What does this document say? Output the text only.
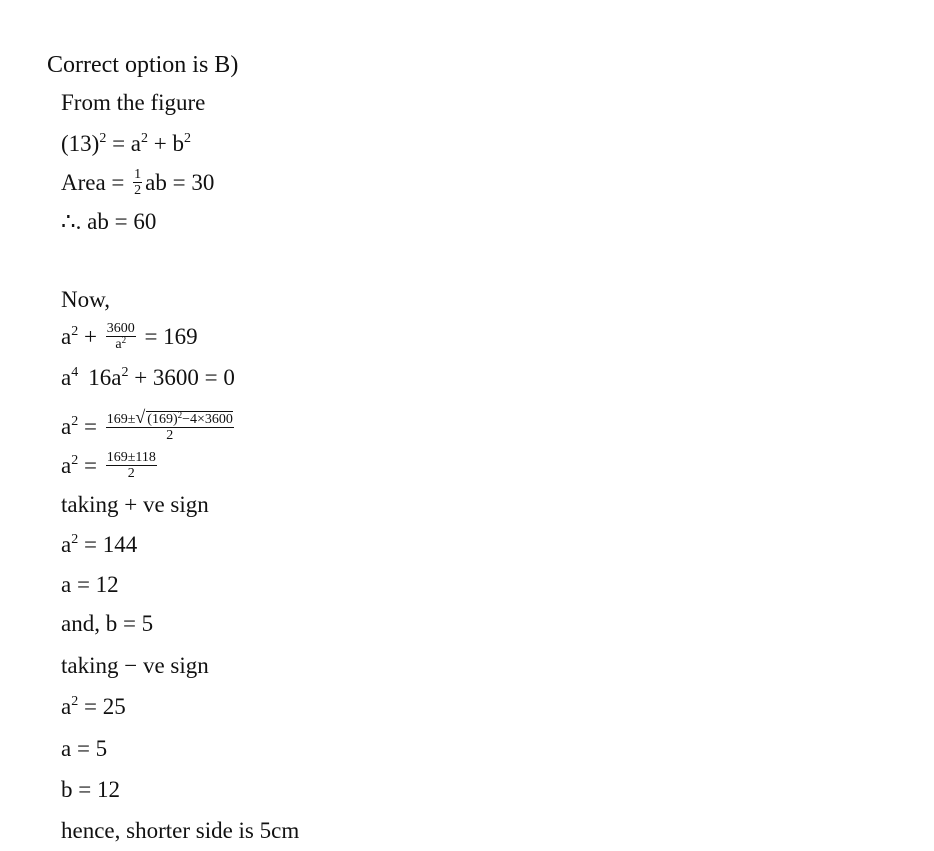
Correct option is B)
From the figure
$(13)^2 = a^2 + b^2$
Area = $\frac{1}{2}$ ab = 30
∴. ab = 60
Now,
$a^2 + \frac{3600}{a^2} = 169$
$a^4$ $16a^2 + 3600 = 0$
$a^2 = \frac{169\pm√ (169)^2-4\times 3600}{2}$
$a^2 = \frac{169\pm 118}{2}$
taking + ve sign
$a^2 = 144$
a = 12
and, b = 5
taking − ve sign
$a^2 = 25$
a = 5
b = 12
hence, shorter side is 5cm
